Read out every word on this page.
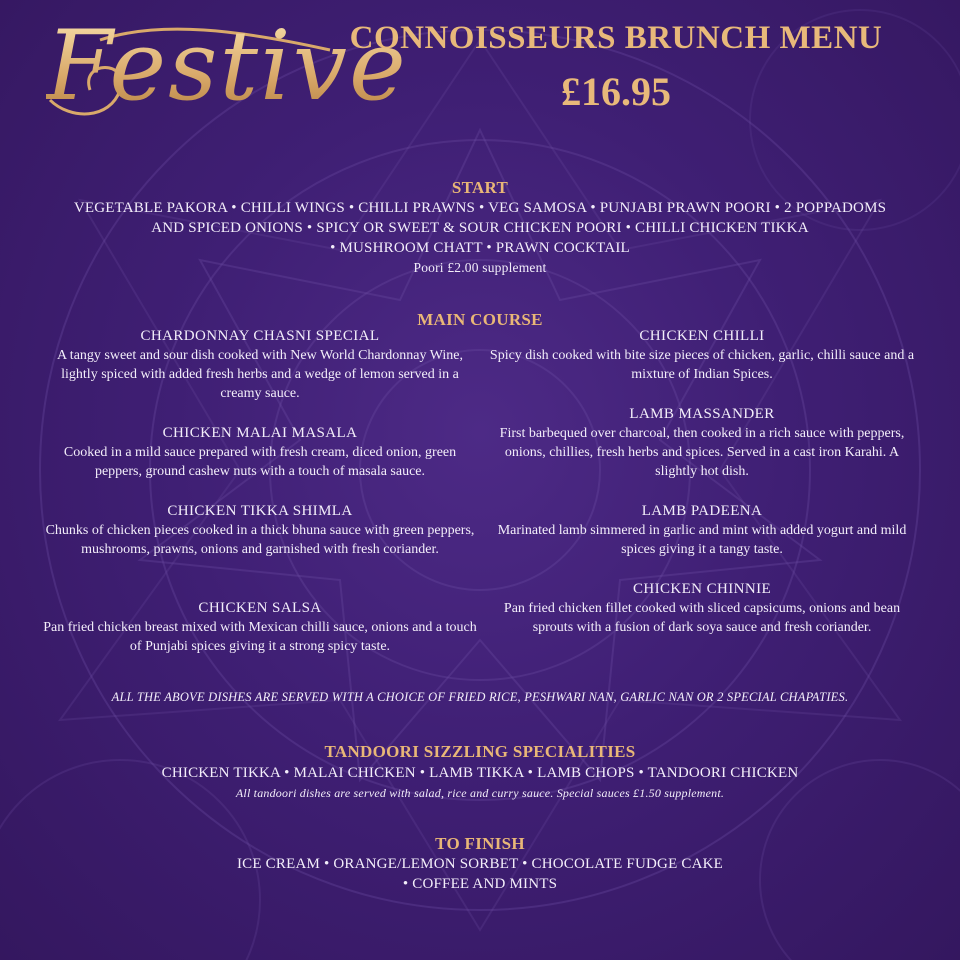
Festive
CONNOISSEURS BRUNCH MENU
£16.95
START
VEGETABLE PAKORA • CHILLI WINGS • CHILLI PRAWNS • VEG SAMOSA • PUNJABI PRAWN POORI • 2 POPPADOMS
AND SPICED ONIONS • SPICY OR SWEET & SOUR CHICKEN POORI • CHILLI CHICKEN TIKKA
• MUSHROOM CHATT • PRAWN COCKTAIL
Poori £2.00 supplement
MAIN COURSE
CHARDONNAY CHASNI SPECIAL
A tangy sweet and sour dish cooked with New World Chardonnay Wine, lightly spiced with added fresh herbs and a wedge of lemon served in a creamy sauce.
CHICKEN MALAI MASALA
Cooked in a mild sauce prepared with fresh cream, diced onion, green peppers, ground cashew nuts with a touch of masala sauce.
CHICKEN TIKKA SHIMLA
Chunks of chicken pieces cooked in a thick bhuna sauce with green peppers, mushrooms, prawns, onions and garnished with fresh coriander.
CHICKEN SALSA
Pan fried chicken breast mixed with Mexican chilli sauce, onions and a touch of Punjabi spices giving it a strong spicy taste.
CHICKEN CHILLI
Spicy dish cooked with bite size pieces of chicken, garlic, chilli sauce and a mixture of Indian Spices.
LAMB MASSANDER
First barbequed over charcoal, then cooked in a rich sauce with peppers, onions, chillies, fresh herbs and spices. Served in a cast iron Karahi. A slightly hot dish.
LAMB PADEENA
Marinated lamb simmered in garlic and mint with added yogurt and mild spices giving it a tangy taste.
CHICKEN CHINNIE
Pan fried chicken fillet cooked with sliced capsicums, onions and bean sprouts with a fusion of dark soya sauce and fresh coriander.
ALL THE ABOVE DISHES ARE SERVED WITH A CHOICE OF FRIED RICE, PESHWARI NAN, GARLIC NAN OR 2 SPECIAL CHAPATIES.
TANDOORI SIZZLING SPECIALITIES
CHICKEN TIKKA • MALAI CHICKEN • LAMB TIKKA • LAMB CHOPS • TANDOORI CHICKEN
All tandoori dishes are served with salad, rice and curry sauce. Special sauces £1.50 supplement.
TO FINISH
ICE CREAM • ORANGE/LEMON SORBET • CHOCOLATE FUDGE CAKE
• COFFEE AND MINTS
